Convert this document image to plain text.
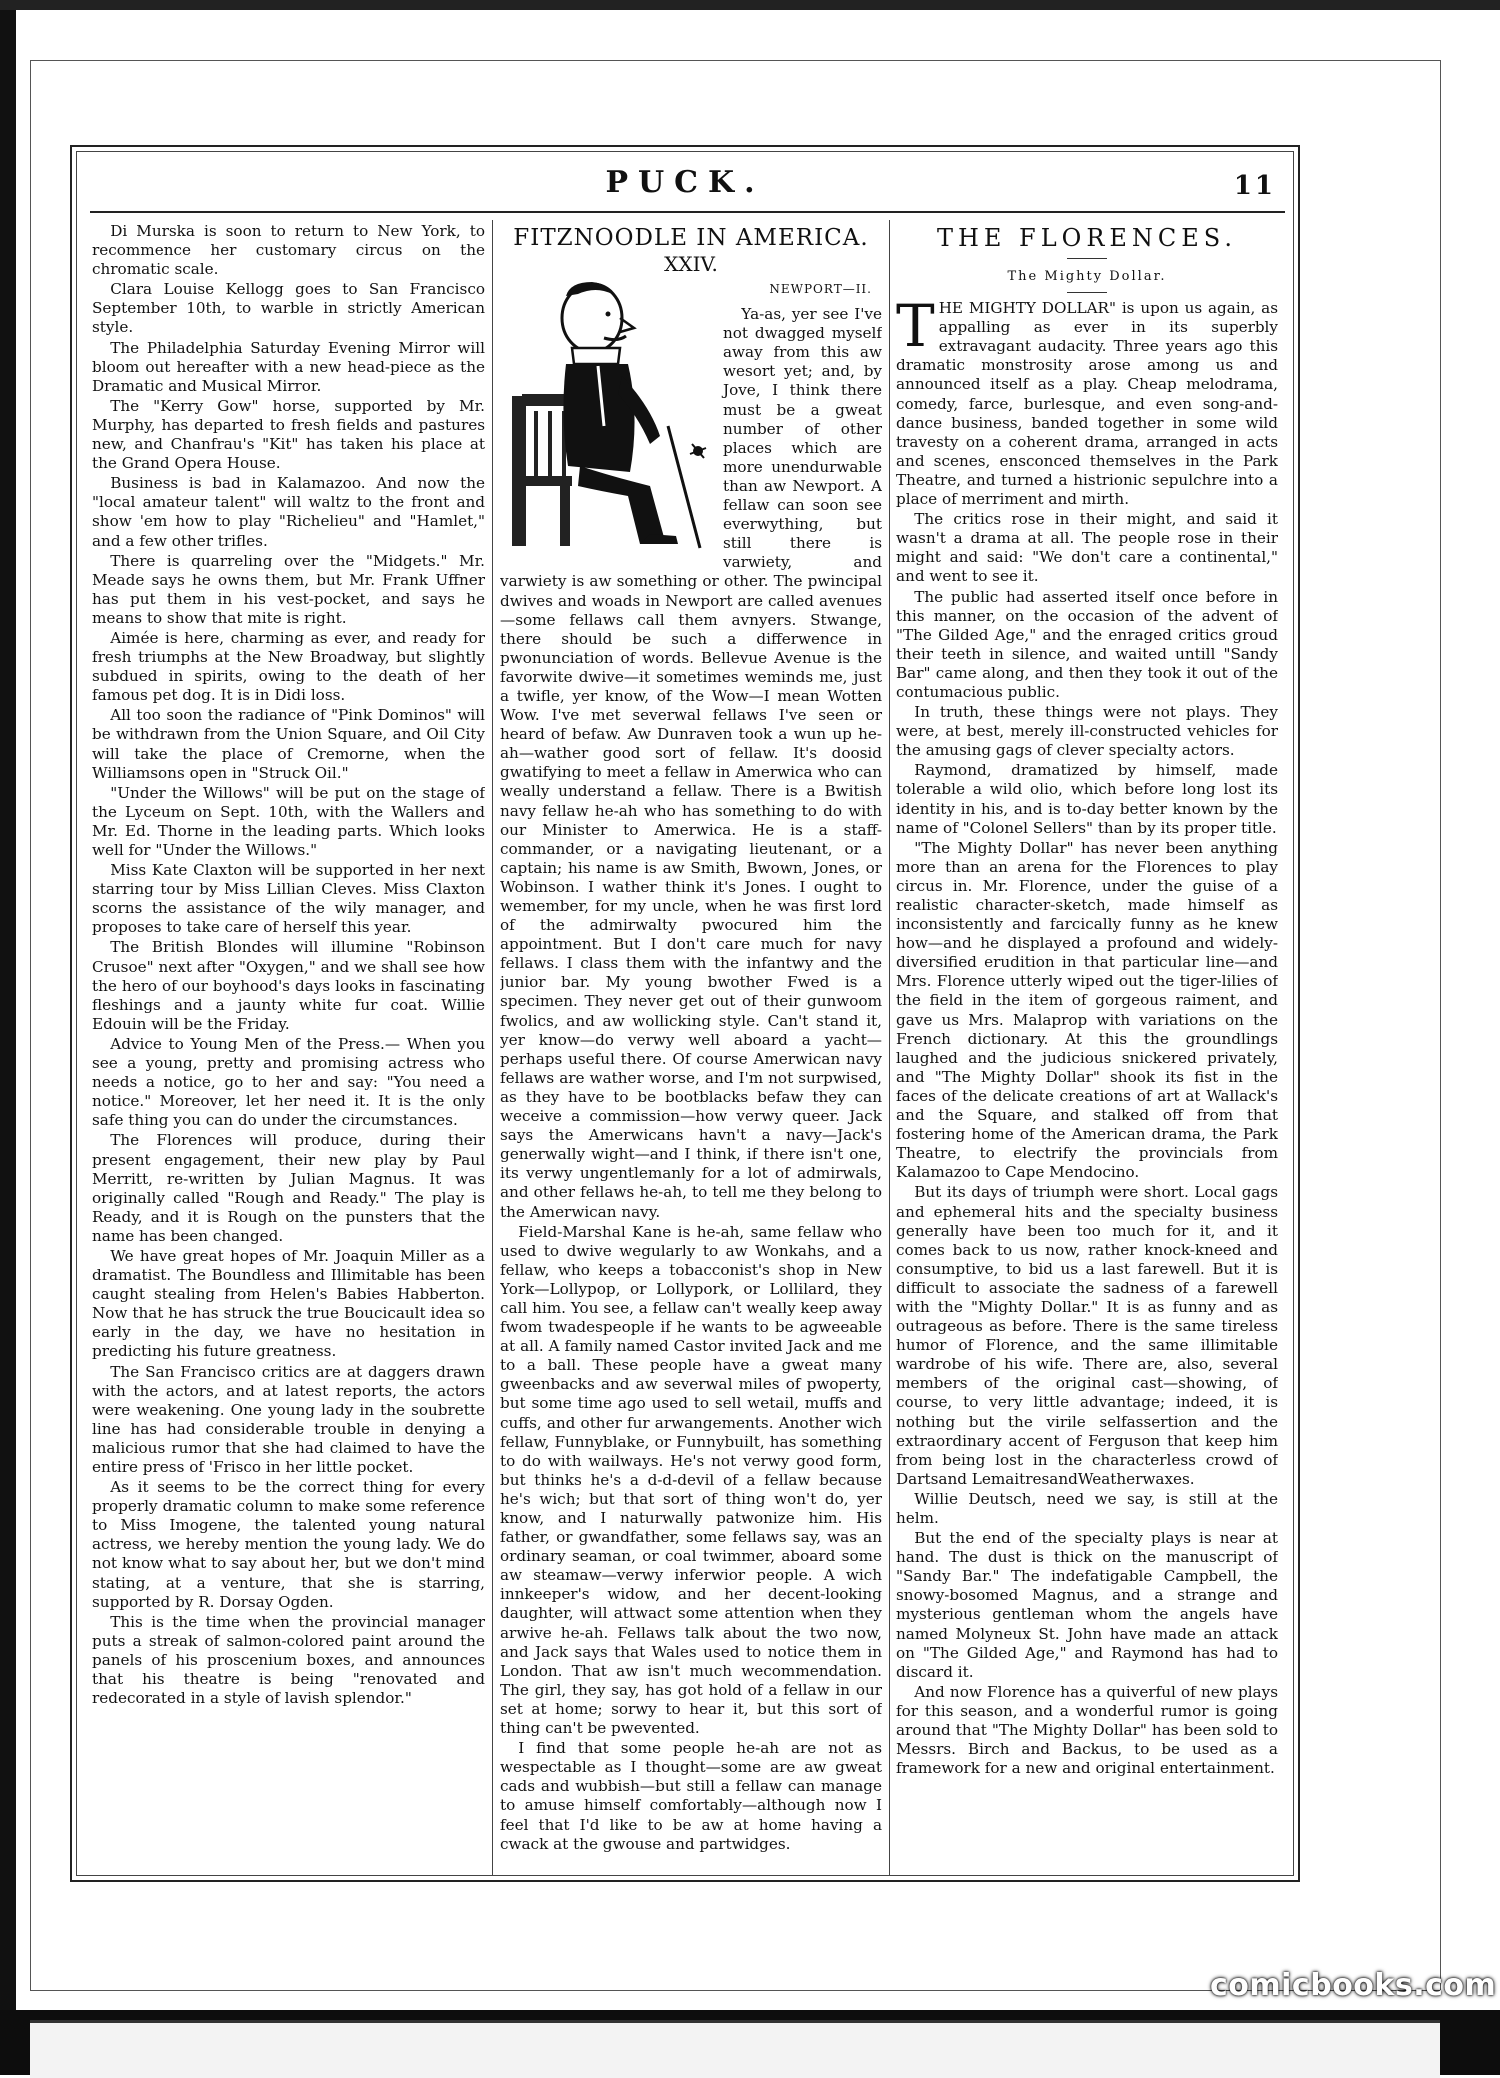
PUCK.	11

Di Murska is soon to return to New York, to recommence her customary circus on the chromatic scale.

Clara Louise Kellogg goes to San Francisco September 10th, to warble in strictly American style.

The Philadelphia Saturday Evening Mirror will bloom out hereafter with a new head-piece as the Dramatic and Musical Mirror.

The "Kerry Gow" horse, supported by Mr. Murphy, has departed to fresh fields and pastures new, and Chanfrau's "Kit" has taken his place at the Grand Opera House.

Business is bad in Kalamazoo. And now the "local amateur talent" will waltz to the front and show 'em how to play "Richelieu" and "Hamlet," and a few other trifles.

There is quarreling over the "Midgets." Mr. Meade says he owns them, but Mr. Frank Uffner has put them in his vest-pocket, and says he means to show that mite is right.

Aimée is here, charming as ever, and ready for fresh triumphs at the New Broadway, but slightly subdued in spirits, owing to the death of her famous pet dog. It is in Didi loss.

All too soon the radiance of "Pink Dominos" will be withdrawn from the Union Square, and Oil City will take the place of Cremorne, when the Williamsons open in "Struck Oil."

"Under the Willows" will be put on the stage of the Lyceum on Sept. 10th, with the Wallers and Mr. Ed. Thorne in the leading parts. Which looks well for "Under the Willows."

Miss Kate Claxton will be supported in her next starring tour by Miss Lillian Cleves. Miss Claxton scorns the assistance of the wily manager, and proposes to take care of herself this year.

The British Blondes will illumine "Robinson Crusoe" next after "Oxygen," and we shall see how the hero of our boyhood's days looks in fascinating fleshings and a jaunty white fur coat. Willie Edouin will be the Friday.

Advice to Young Men of the Press.— When you see a young, pretty and promising actress who needs a notice, go to her and say: "You need a notice." Moreover, let her need it. It is the only safe thing you can do under the circumstances.

The Florences will produce, during their present engagement, their new play by Paul Merritt, re-written by Julian Magnus. It was originally called "Rough and Ready." The play is Ready, and it is Rough on the punsters that the name has been changed.

We have great hopes of Mr. Joaquin Miller as a dramatist. The Boundless and Illimitable has been caught stealing from Helen's Babies Habberton. Now that he has struck the true Boucicault idea so early in the day, we have no hesitation in predicting his future greatness.

The San Francisco critics are at daggers drawn with the actors, and at latest reports, the actors were weakening. One young lady in the soubrette line has had considerable trouble in denying a malicious rumor that she had claimed to have the entire press of 'Frisco in her little pocket.

As it seems to be the correct thing for every properly dramatic column to make some reference to Miss Imogene, the talented young natural actress, we hereby mention the young lady. We do not know what to say about her, but we don't mind stating, at a venture, that she is starring, supported by R. Dorsay Ogden.

This is the time when the provincial manager puts a streak of salmon-colored paint around the panels of his proscenium boxes, and announces that his theatre is being "renovated and redecorated in a style of lavish splendor."

FITZNOODLE IN AMERICA.
XXIV.
NEWPORT—II.

Ya-as, yer see I've not dwagged myself away from this aw wesort yet; and, by Jove, I think there must be a gweat number of other places which are more unendurwable than aw Newport. A fellaw can soon see everwything, but still there is varwiety, and varwiety is aw something or other. The pwincipal dwives and woads in Newport are called avenues—some fellaws call them avnyers. Stwange, there should be such a differwence in pwonunciation of words. Bellevue Avenue is the favorwite dwive—it sometimes weminds me, just a twifle, yer know, of the Wow—I mean Wotten Wow. I've met severwal fellaws I've seen or heard of befaw. Aw Dunraven took a wun up he-ah—wather good sort of fellaw. It's doosid gwatifying to meet a fellaw in Amerwica who can weally understand a fellaw. There is a Bwitish navy fellaw he-ah who has something to do with our Minister to Amerwica. He is a staff-commander, or a navigating lieutenant, or a captain; his name is aw Smith, Bwown, Jones, or Wobinson. I wather think it's Jones. I ought to wemember, for my uncle, when he was first lord of the admirwalty pwocured him the appointment. But I don't care much for navy fellaws. I class them with the infantwy and the junior bar. My young bwother Fwed is a specimen. They never get out of their gunwoom fwolics, and aw wollicking style. Can't stand it, yer know—do verwy well aboard a yacht—perhaps useful there. Of course Amerwican navy fellaws are wather worse, and I'm not surpwised, as they have to be bootblacks befaw they can weceive a commission—how verwy queer. Jack says the Amerwicans havn't a navy—Jack's generwally wight—and I think, if there isn't one, its verwy ungentlemanly for a lot of admirwals, and other fellaws he-ah, to tell me they belong to the Amerwican navy.

Field-Marshal Kane is he-ah, same fellaw who used to dwive wegularly to aw Wonkahs, and a fellaw, who keeps a tobacconist's shop in New York—Lollypop, or Lollypork, or Lollilard, they call him. You see, a fellaw can't weally keep away fwom twadespeople if he wants to be agweeable at all. A family named Castor invited Jack and me to a ball. These people have a gweat many gweenbacks and aw severwal miles of pwoperty, but some time ago used to sell wetail, muffs and cuffs, and other fur arwangements. Another wich fellaw, Funnyblake, or Funnybuilt, has something to do with wailways. He's not verwy good form, but thinks he's a d-d-devil of a fellaw because he's wich; but that sort of thing won't do, yer know, and I naturwally patwonize him. His father, or gwandfather, some fellaws say, was an ordinary seaman, or coal twimmer, aboard some aw steamaw—verwy inferwior people. A wich innkeeper's widow, and her decent-looking daughter, will attwact some attention when they arwive he-ah. Fellaws talk about the two now, and Jack says that Wales used to notice them in London. That aw isn't much wecommendation. The girl, they say, has got hold of a fellaw in our set at home; sorwy to hear it, but this sort of thing can't be pwevented.

I find that some people he-ah are not as wespectable as I thought—some are aw gweat cads and wubbish—but still a fellaw can manage to amuse himself comfortably—although now I feel that I'd like to be aw at home having a cwack at the gwouse and partwidges.

THE FLORENCES.
The Mighty Dollar.

T HE MIGHTY DOLLAR" is upon us again, as appalling as ever in its superbly extravagant audacity. Three years ago this dramatic monstrosity arose among us and announced itself as a play. Cheap melodrama, comedy, farce, burlesque, and even song-and-dance business, banded together in some wild travesty on a coherent drama, arranged in acts and scenes, ensconced themselves in the Park Theatre, and turned a histrionic sepulchre into a place of merriment and mirth.

The critics rose in their might, and said it wasn't a drama at all. The people rose in their might and said: "We don't care a continental," and went to see it.

The public had asserted itself once before in this manner, on the occasion of the advent of "The Gilded Age," and the enraged critics groud their teeth in silence, and waited untill "Sandy Bar" came along, and then they took it out of the contumacious public.

In truth, these things were not plays. They were, at best, merely ill-constructed vehicles for the amusing gags of clever specialty actors.

Raymond, dramatized by himself, made tolerable a wild olio, which before long lost its identity in his, and is to-day better known by the name of "Colonel Sellers" than by its proper title.

"The Mighty Dollar" has never been anything more than an arena for the Florences to play circus in. Mr. Florence, under the guise of a realistic character-sketch, made himself as inconsistently and farcically funny as he knew how—and he displayed a profound and widely-diversified erudition in that particular line—and Mrs. Florence utterly wiped out the tiger-lilies of the field in the item of gorgeous raiment, and gave us Mrs. Malaprop with variations on the French dictionary. At this the groundlings laughed and the judicious snickered privately, and "The Mighty Dollar" shook its fist in the faces of the delicate creations of art at Wallack's and the Square, and stalked off from that fostering home of the American drama, the Park Theatre, to electrify the provincials from Kalamazoo to Cape Mendocino.

But its days of triumph were short. Local gags and ephemeral hits and the specialty business generally have been too much for it, and it comes back to us now, rather knock-kneed and consumptive, to bid us a last farewell. But it is difficult to associate the sadness of a farewell with the "Mighty Dollar." It is as funny and as outrageous as before. There is the same tireless humor of Florence, and the same illimitable wardrobe of his wife. There are, also, several members of the original cast—showing, of course, to very little advantage; indeed, it is nothing but the virile selfassertion and the extraordinary accent of Ferguson that keep him from being lost in the characterless crowd of Dartsand LemaitresandWeatherwaxes.

Willie Deutsch, need we say, is still at the helm.

But the end of the specialty plays is near at hand. The dust is thick on the manuscript of "Sandy Bar." The indefatigable Campbell, the snowy-bosomed Magnus, and a strange and mysterious gentleman whom the angels have named Molyneux St. John have made an attack on "The Gilded Age," and Raymond has had to discard it.

And now Florence has a quiverful of new plays for this season, and a wonderful rumor is going around that "The Mighty Dollar" has been sold to Messrs. Birch and Backus, to be used as a framework for a new and original entertainment.

comicbooks.com
